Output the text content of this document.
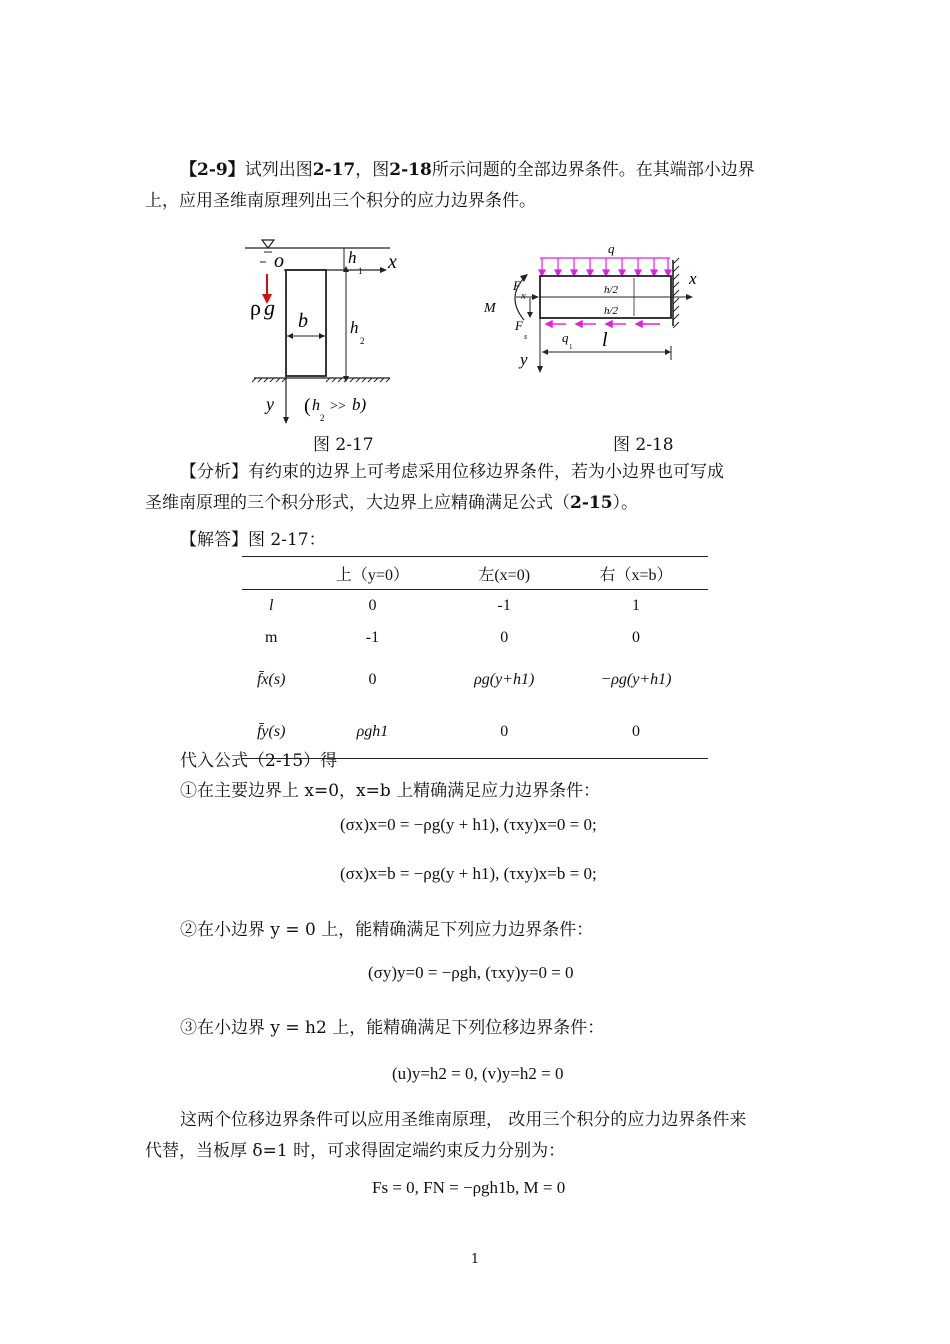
【2-9】试列出图2-17，图2-18所示问题的全部边界条件。在其端部小边界
上，应用圣维南原理列出三个积分的应力边界条件。
o	h
1 x
ρ g
b h
2
y ( h
2
>> b)
图 2-17
q
x
h/2
h/2
F
N
M
F
s	q
1 l
y
图 2-18
【分析】有约束的边界上可考虑采用位移边界条件，若为小边界也可写成
圣维南原理的三个积分形式，大边界上应精确满足公式（2-15）。
【解答】图 2-17：
	上（y=0）	左(x=0)	右（x=b）
l	0	-1	1
m	-1	0	0
f̄x(s)	0	ρg(y+h1)	−ρg(y+h1)
f̄y(s)	ρgh1	0	0
代入公式（2-15）得
①在主要边界上 x=0，x=b 上精确满足应力边界条件：
(σx)x=0 = −ρg(y + h1), (τxy)x=0 = 0;
(σx)x=b = −ρg(y + h1), (τxy)x=b = 0;
②在小边界 y = 0 上，能精确满足下列应力边界条件：
(σy)y=0 = −ρgh, (τxy)y=0 = 0
③在小边界 y = h2 上，能精确满足下列位移边界条件：
(u)y=h2 = 0, (v)y=h2 = 0
这两个位移边界条件可以应用圣维南原理， 改用三个积分的应力边界条件来
代替，当板厚 δ=1 时，可求得固定端约束反力分别为：
Fs = 0, FN = −ρgh1b, M = 0
1
